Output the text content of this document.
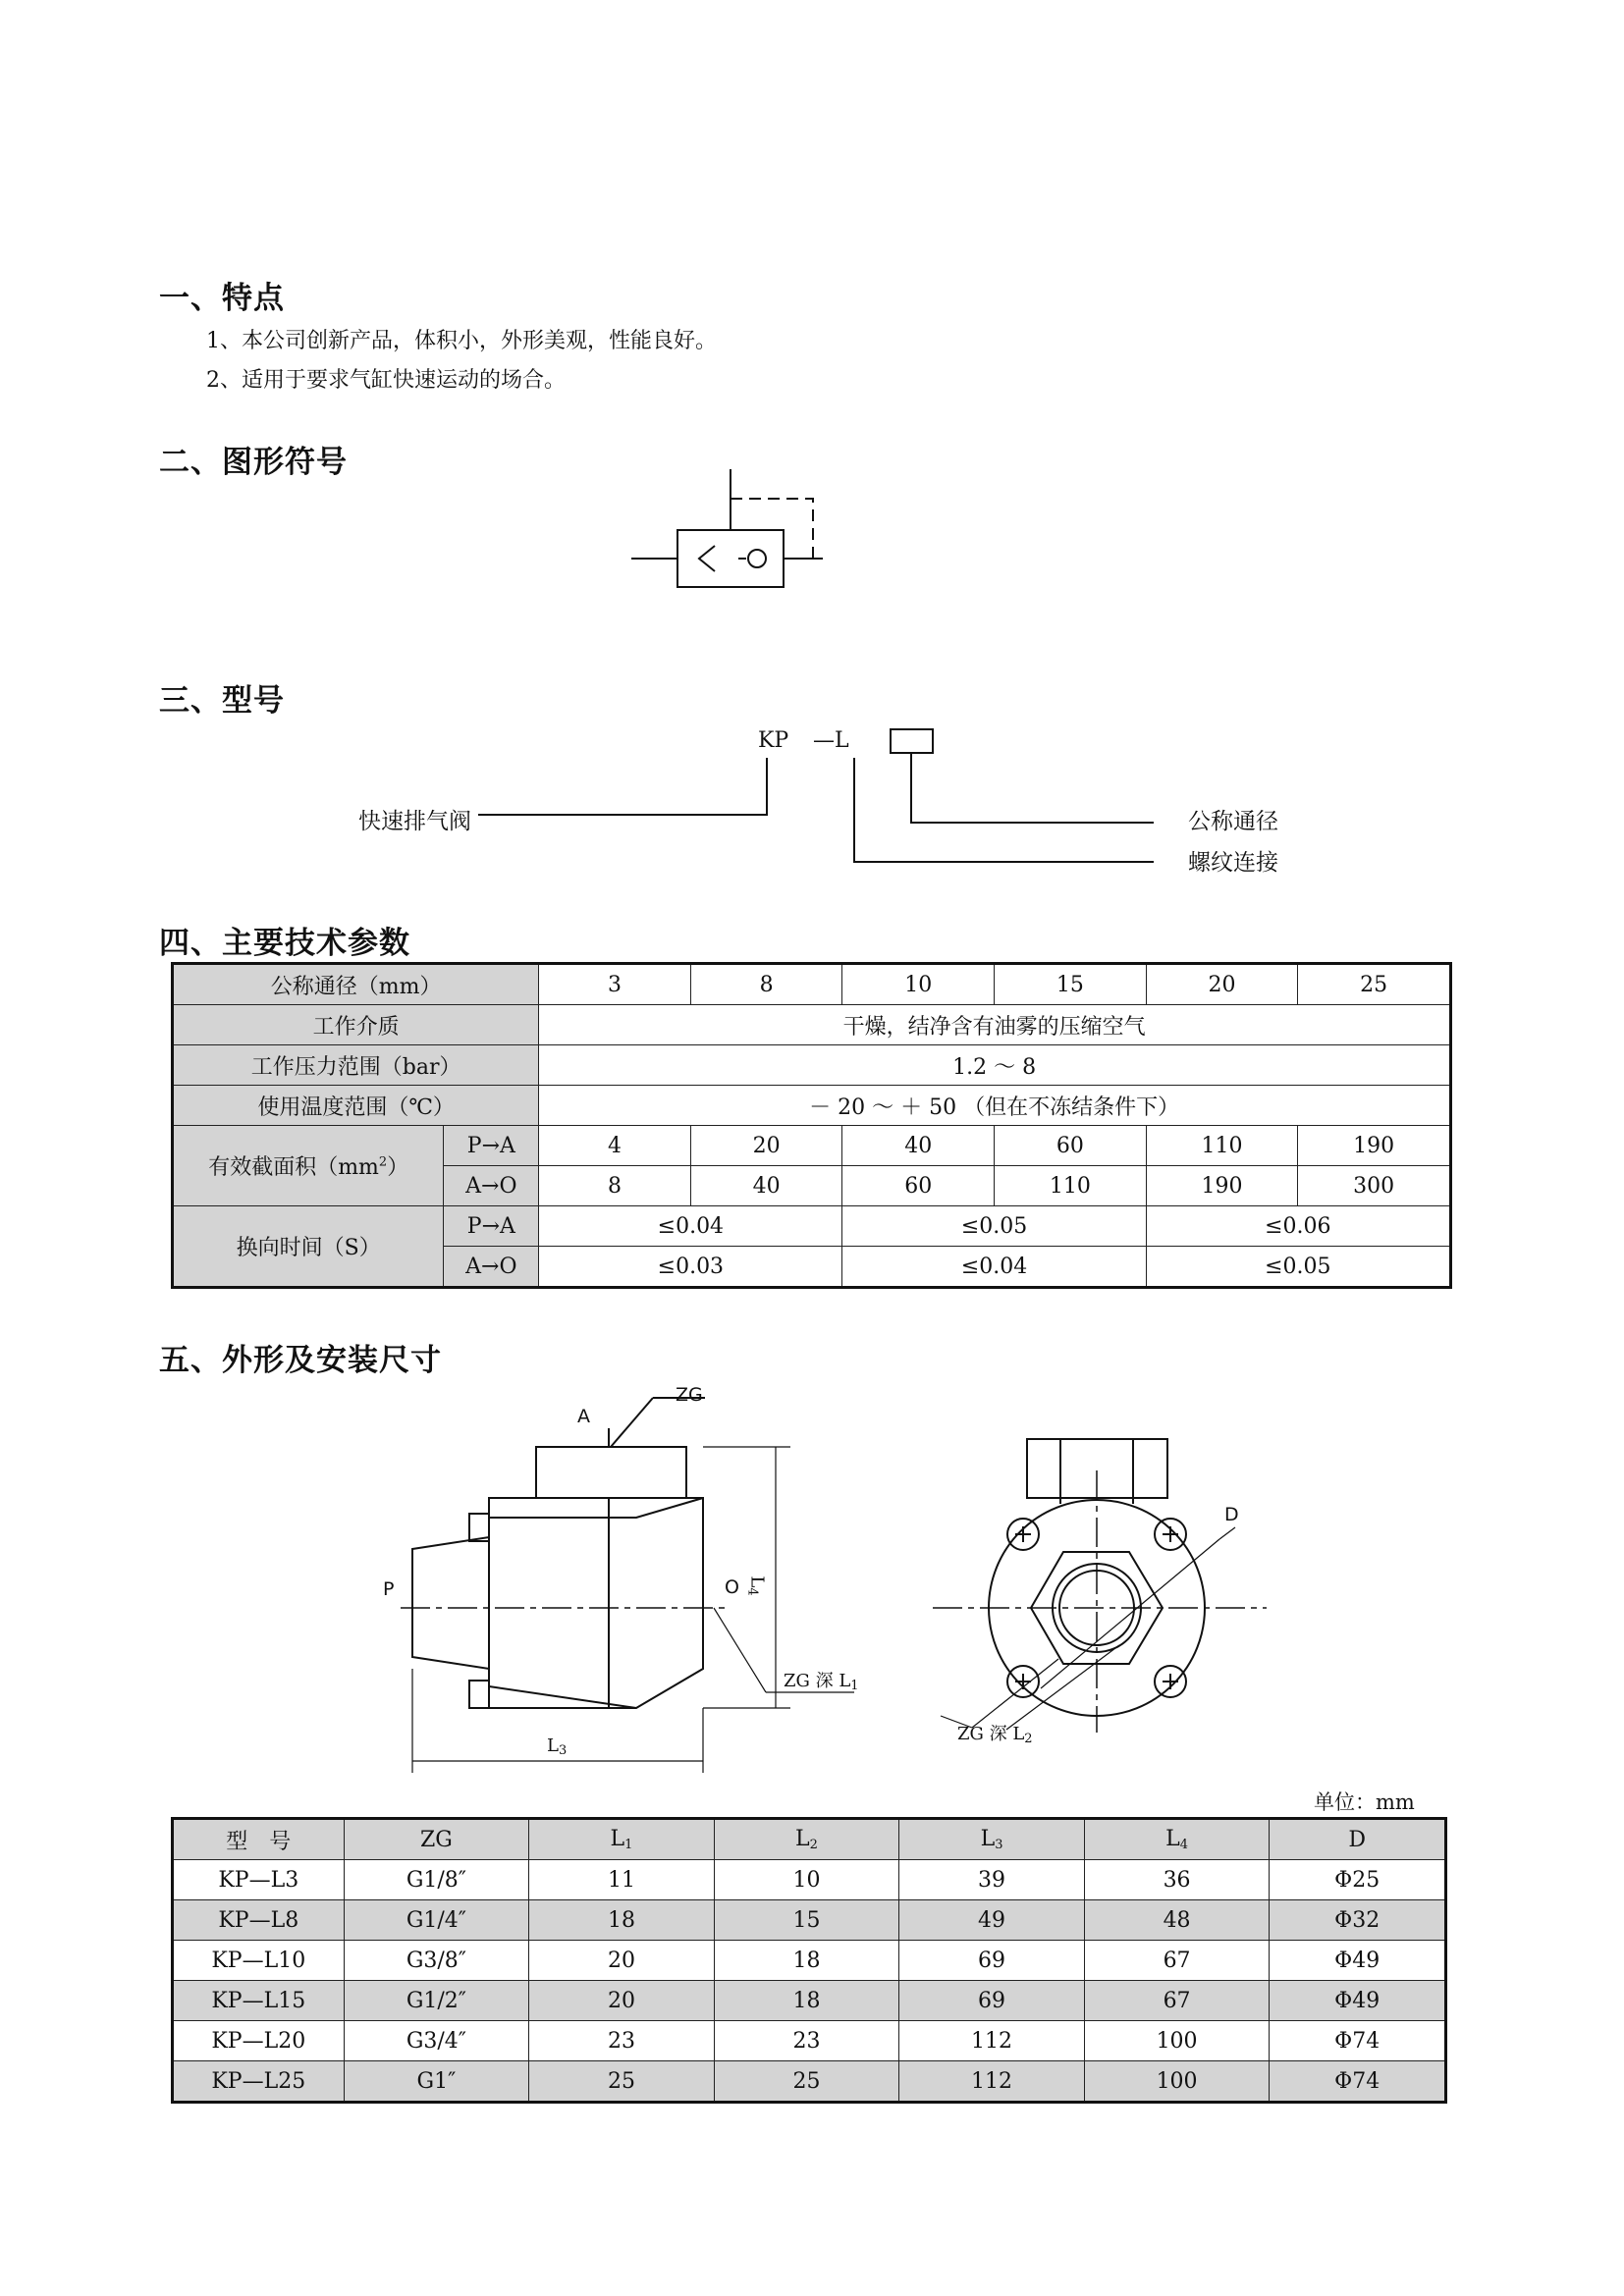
一、特点
1、本公司创新产品，体积小，外形美观，性能良好。
2、适用于要求气缸快速运动的场合。
二、图形符号
三、型号
KP —L
快速排气阀	公称通径
螺纹连接
四、主要技术参数
公称通径（mm）		3	8	10	15	20	25
工作介质		干燥，结净含有油雾的压缩空气					
工作压力范围（bar）		1.2 ～ 8					
使用温度范围（℃）		－ 20 ～ ＋ 50 （但在不冻结条件下）					
有效截面积$(mm^2)$	P→A	4	20	40	60	110	190
	A→O	8	40	60	110	190	300
换向时间（S）	P→A	≤0.04		≤0.05		≤0.06	
	A→O	≤0.03		≤0.04		≤0.05	
五、外形及安装尺寸
A
ZG
P	O $L_4$
$L_3$
ZG 深 $L_1$
D
ZG 深 $L_2$
单位：mm
型　号	ZG	$L_1$	$L_2$	$L_3$	$L_4$	D
KP—L3	G1/8″	11	10	39	36	Φ25
KP—L8	G1/4″	18	15	49	48	Φ32
KP—L10	G3/8″	20	18	69	67	Φ49
KP—L15	G1/2″	20	18	69	67	Φ49
KP—L20	G3/4″	23	23	112	100	Φ74
KP—L25	G1″	25	25	112	100	Φ74
